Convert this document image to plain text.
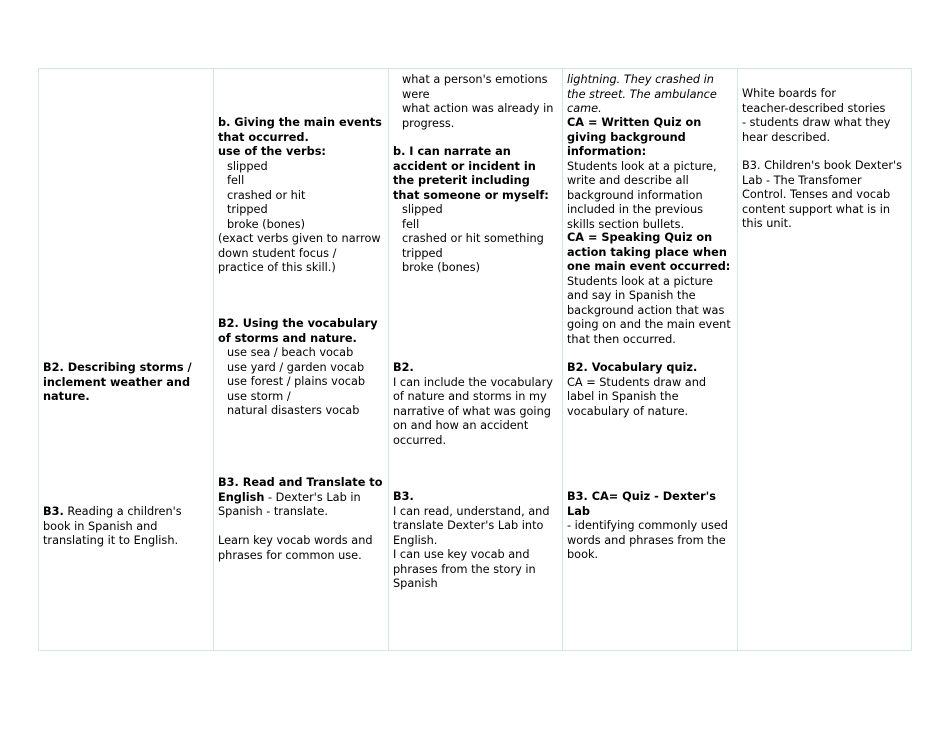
B2. Describing storms / inclement weather and nature.

B3. Reading a children's book in Spanish and translating it to English.

b. Giving the main events that occurred.
use of the verbs:
slipped
fell
crashed or hit
tripped
broke (bones)
(exact verbs given to narrow down student focus / practice of this skill.)

B2. Using the vocabulary of storms and nature.
use sea / beach vocab
use yard / garden vocab
use forest / plains vocab
use storm /
natural disasters vocab

B3. Read and Translate to English - Dexter's Lab in Spanish - translate.
Learn key vocab words and phrases for common use.

what a person's emotions were
what action was already in progress.

b. I can narrate an accident or incident in the preterit including that someone or myself:
slipped
fell
crashed or hit something
tripped
broke (bones)

B2.
I can include the vocabulary of nature and storms in my narrative of what was going on and how an accident occurred.

B3.
I can read, understand, and translate Dexter's Lab into English.
I can use key vocab and phrases from the story in Spanish

lightning. They crashed in the street. The ambulance came.

CA = Written Quiz on giving background information:
Students look at a picture, write and describe all background information included in the previous skills section bullets.

CA = Speaking Quiz on action taking place when one main event occurred:
Students look at a picture and say in Spanish the background action that was going on and the main event that then occurred.

B2. Vocabulary quiz.
CA = Students draw and label in Spanish the vocabulary of nature.

B3. CA= Quiz - Dexter's Lab
- identifying commonly used words and phrases from the book.

White boards for
teacher-described stories
- students draw what they hear described.

B3. Children's book Dexter's Lab - The Transfomer Control. Tenses and vocab content support what is in this unit.
